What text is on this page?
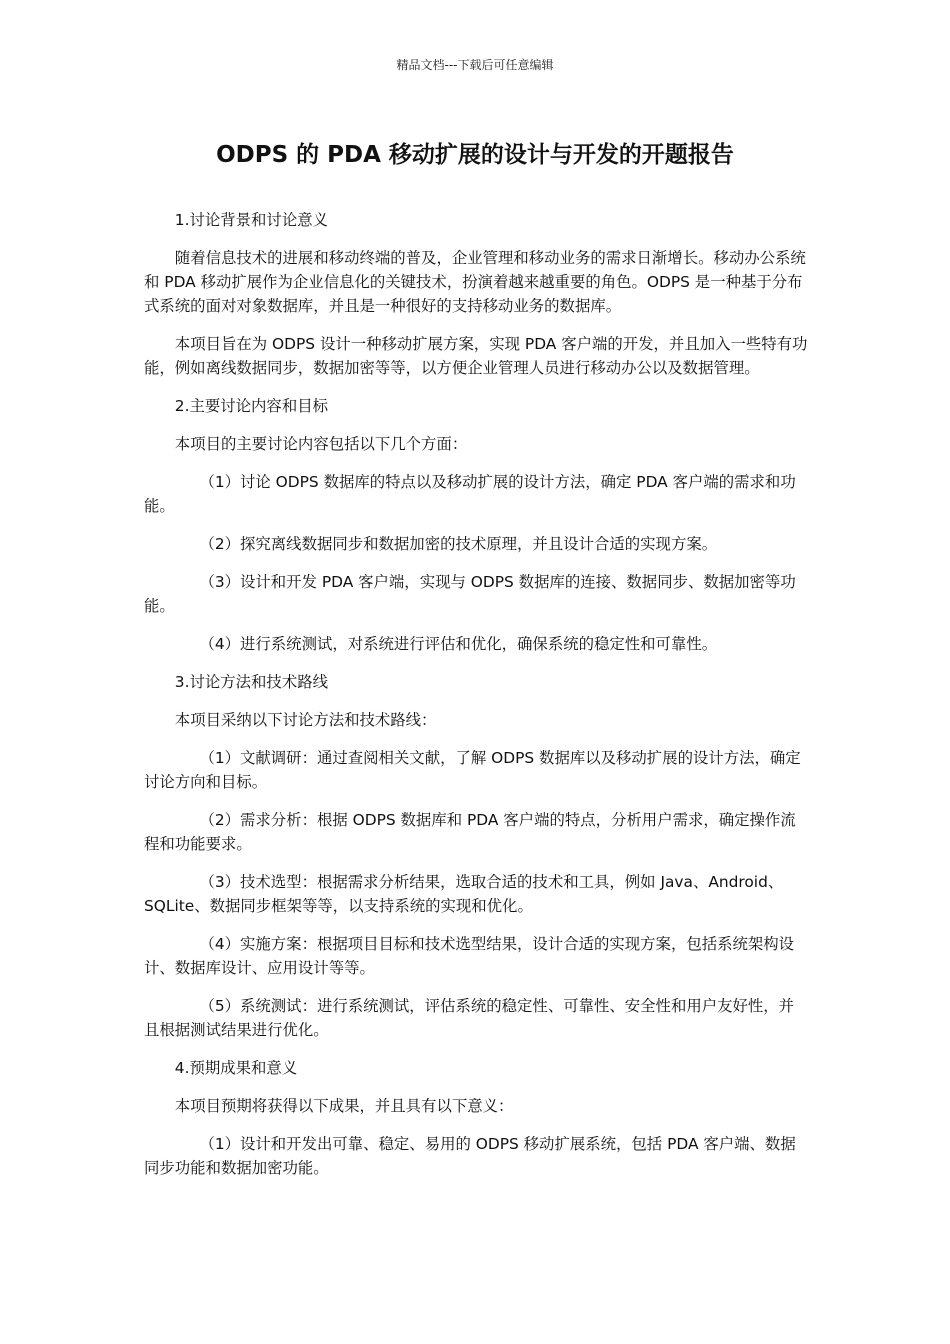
精品文档---下载后可任意编辑
ODPS 的 PDA 移动扩展的设计与开发的开题报告

1.讨论背景和讨论意义

随着信息技术的进展和移动终端的普及，企业管理和移动业务的需求日渐增长。移动办公系统和 PDA 移动扩展作为企业信息化的关键技术，扮演着越来越重要的角色。ODPS 是一种基于分布式系统的面对对象数据库，并且是一种很好的支持移动业务的数据库。

本项目旨在为 ODPS 设计一种移动扩展方案，实现 PDA 客户端的开发，并且加入一些特有功能，例如离线数据同步，数据加密等等，以方便企业管理人员进行移动办公以及数据管理。

2.主要讨论内容和目标

本项目的主要讨论内容包括以下几个方面：

（1）讨论 ODPS 数据库的特点以及移动扩展的设计方法，确定 PDA 客户端的需求和功能。

（2）探究离线数据同步和数据加密的技术原理，并且设计合适的实现方案。

（3）设计和开发 PDA 客户端，实现与 ODPS 数据库的连接、数据同步、数据加密等功能。

（4）进行系统测试，对系统进行评估和优化，确保系统的稳定性和可靠性。

3.讨论方法和技术路线

本项目采纳以下讨论方法和技术路线：

（1）文献调研：通过查阅相关文献，了解 ODPS 数据库以及移动扩展的设计方法，确定讨论方向和目标。

（2）需求分析：根据 ODPS 数据库和 PDA 客户端的特点，分析用户需求，确定操作流程和功能要求。

（3）技术选型：根据需求分析结果，选取合适的技术和工具，例如 Java、Android、SQLite、数据同步框架等等，以支持系统的实现和优化。

（4）实施方案：根据项目目标和技术选型结果，设计合适的实现方案，包括系统架构设计、数据库设计、应用设计等等。

（5）系统测试：进行系统测试，评估系统的稳定性、可靠性、安全性和用户友好性，并且根据测试结果进行优化。

4.预期成果和意义

本项目预期将获得以下成果，并且具有以下意义：

（1）设计和开发出可靠、稳定、易用的 ODPS 移动扩展系统，包括 PDA 客户端、数据同步功能和数据加密功能。
